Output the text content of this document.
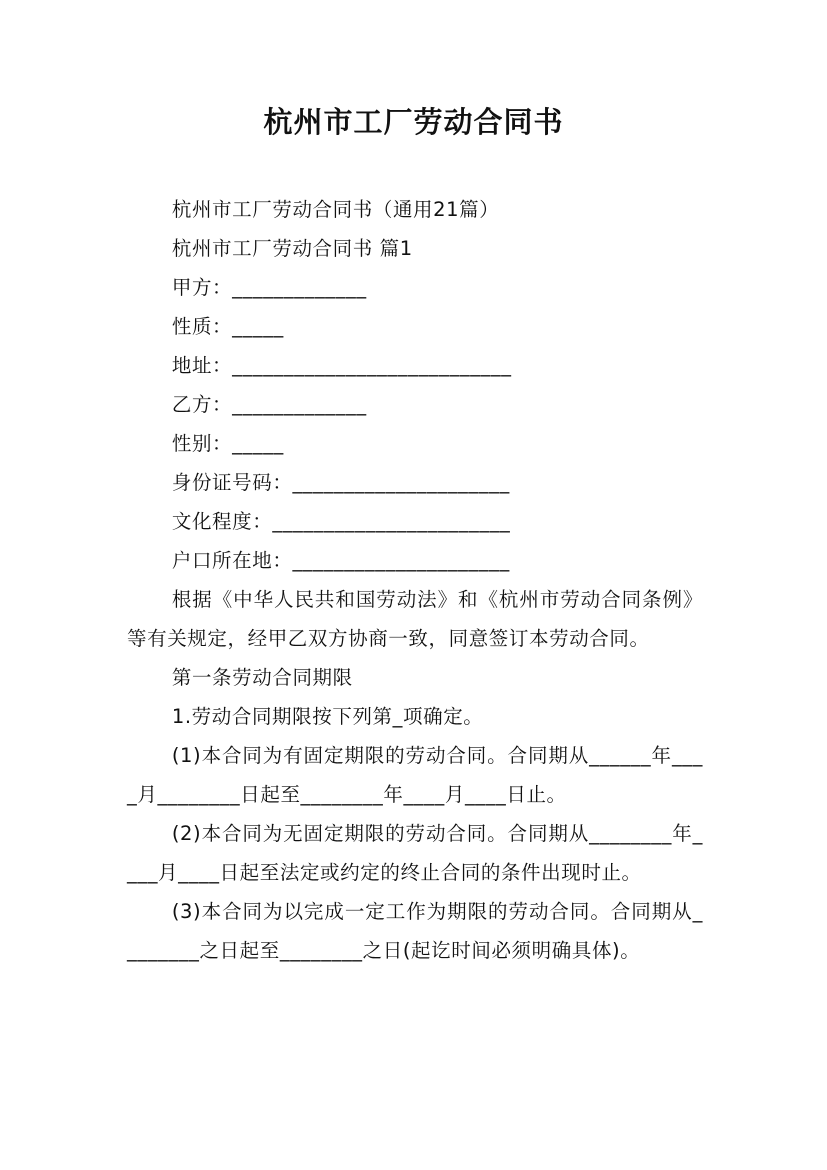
杭州市工厂劳动合同书

杭州市工厂劳动合同书（通用21篇）

杭州市工厂劳动合同书 篇1

甲方：_____________

性质：_____

地址：___________________________

乙方：_____________

性别：_____

身份证号码：_____________________

文化程度：_______________________

户口所在地：_____________________

根据《中华人民共和国劳动法》和《杭州市劳动合同条例》等有关规定，经甲乙双方协商一致，同意签订本劳动合同。

第一条劳动合同期限

1.劳动合同期限按下列第_项确定。

(1)本合同为有固定期限的劳动合同。合同期从______年____月________日起至________年____月____日止。

(2)本合同为无固定期限的劳动合同。合同期从________年____月____日起至法定或约定的终止合同的条件出现时止。

(3)本合同为以完成一定工作为期限的劳动合同。合同期从________之日起至________之日(起讫时间必须明确具体)。
